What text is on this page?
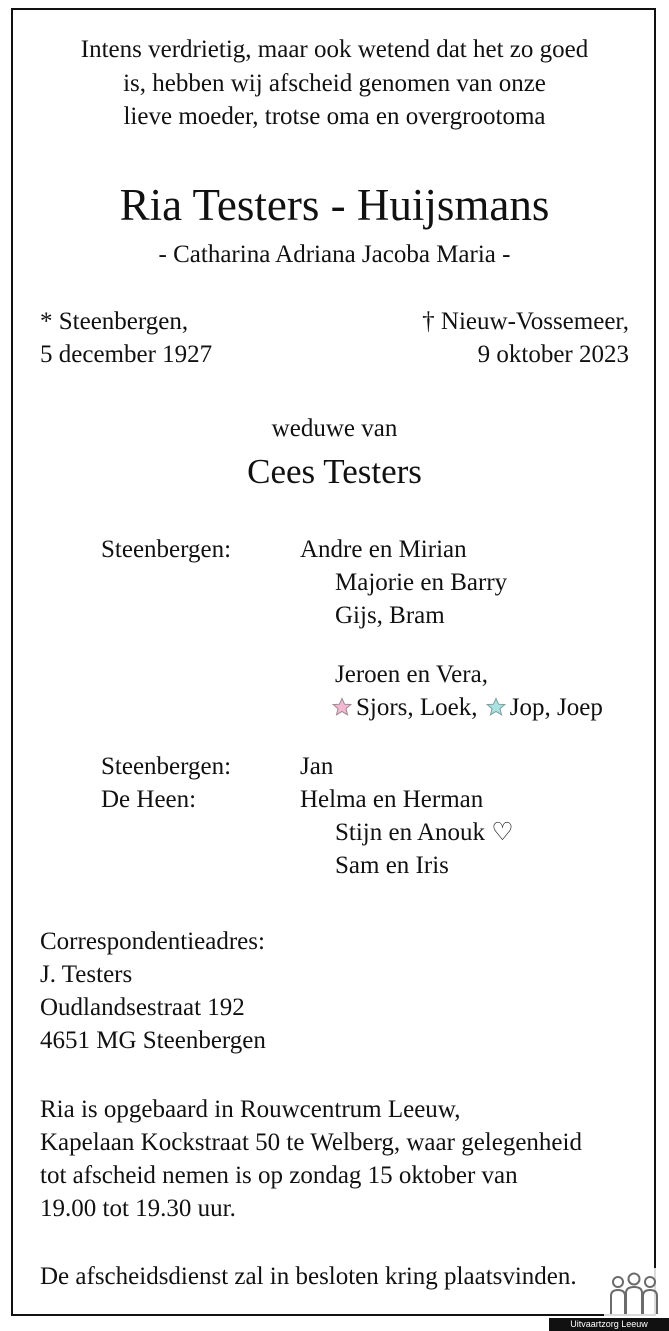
Intens verdrietig, maar ook wetend dat het zo goed
is, hebben wij afscheid genomen van onze
lieve moeder, trotse oma en overgrootoma
Ria Testers - Huijsmans
- Catharina Adriana Jacoba Maria -
* Steenbergen,
5 december 1927
† Nieuw-Vossemeer,
9 oktober 2023
weduwe van
Cees Testers
Steenbergen:	Andre en Mirian
Majorie en Barry
Gijs, Bram
Jeroen en Vera,
Sjors, Loek, Jop, Joep
Steenbergen:	Jan
De Heen:	Helma en Herman
Stijn en Anouk ♡
Sam en Iris
Correspondentieadres:
J. Testers
Oudlandsestraat 192
4651 MG Steenbergen
Ria is opgebaard in Rouwcentrum Leeuw,
Kapelaan Kockstraat 50 te Welberg, waar gelegenheid
tot afscheid nemen is op zondag 15 oktober van
19.00 tot 19.30 uur.
De afscheidsdienst zal in besloten kring plaatsvinden.
Uitvaartzorg Leeuw
